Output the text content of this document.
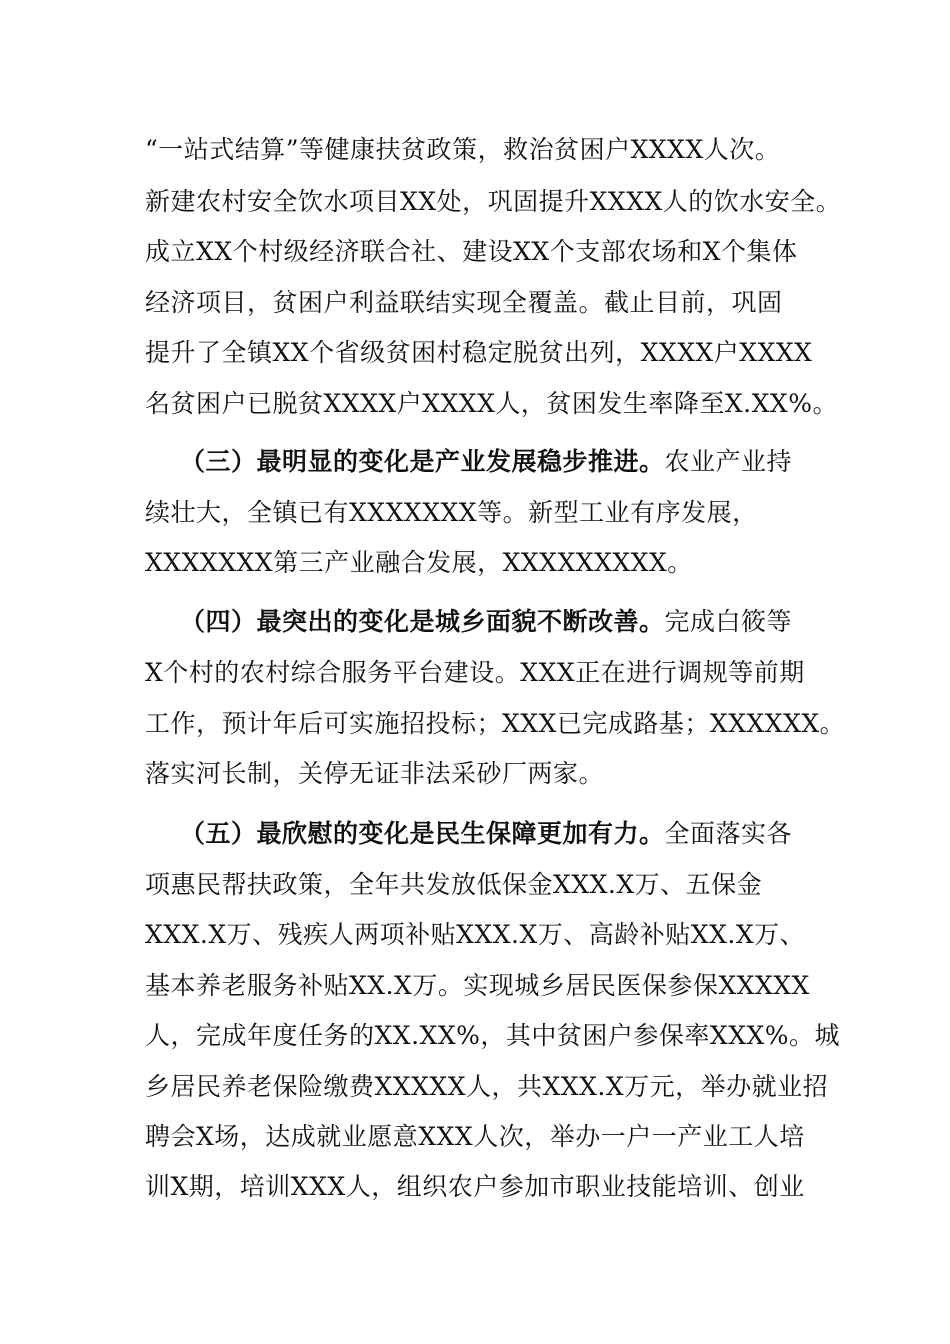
“一站式结算”等健康扶贫政策，救治贫困户XXXX人次。
新建农村安全饮水项目XX处，巩固提升XXXX人的饮水安全。
成立XX个村级经济联合社、建设XX个支部农场和X个集体
经济项目，贫困户利益联结实现全覆盖。截止目前，巩固
提升了全镇XX个省级贫困村稳定脱贫出列，XXXX户XXXX
名贫困户已脱贫XXXX户XXXX人，贫困发生率降至X.XX%。
（三）最明显的变化是产业发展稳步推进。农业产业持
续壮大，全镇已有XXXXXXX等。新型工业有序发展，
XXXXXXX第三产业融合发展，XXXXXXXXX。
（四）最突出的变化是城乡面貌不断改善。完成白筱等
X个村的农村综合服务平台建设。XXX正在进行调规等前期
工作，预计年后可实施招投标；XXX已完成路基；XXXXXX。
落实河长制，关停无证非法采砂厂两家。
（五）最欣慰的变化是民生保障更加有力。全面落实各
项惠民帮扶政策，全年共发放低保金XXX.X万、五保金
XXX.X万、残疾人两项补贴XXX.X万、高龄补贴XX.X万、
基本养老服务补贴XX.X万。实现城乡居民医保参保XXXXX
人，完成年度任务的XX.XX%，其中贫困户参保率XXX%。城
乡居民养老保险缴费XXXXX人，共XXX.X万元，举办就业招
聘会X场，达成就业愿意XXX人次，举办一户一产业工人培
训X期，培训XXX人，组织农户参加市职业技能培训、创业
